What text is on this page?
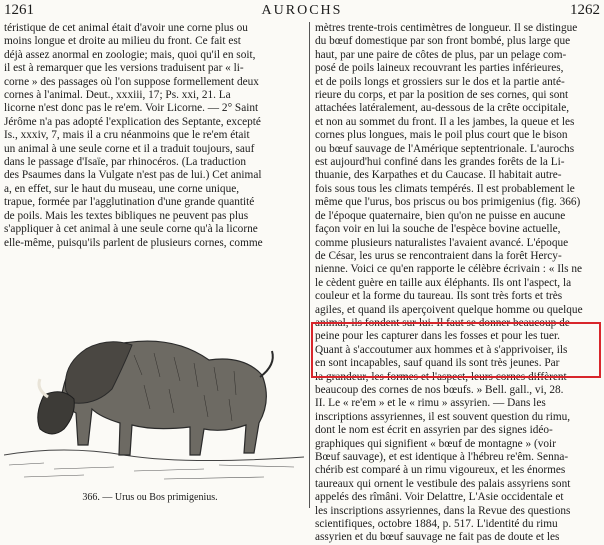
1261	AUROCHS	1262
téristique de cet animal était d'avoir une corne plus ou
moins longue et droite au milieu du front. Ce fait est
déjà assez anormal en zoologie; mais, quoi qu'il en soit,
il est à remarquer que les versions traduisent par « li-
corne » des passages où l'on suppose formellement deux
cornes à l'animal. Deut., xxxiii, 17; Ps. xxi, 21. La
licorne n'est donc pas le re'em. Voir Licorne. — 2° Saint
Jérôme n'a pas adopté l'explication des Septante, excepté
Is., xxxiv, 7, mais il a cru néanmoins que le re'em était
un animal à une seule corne et il a traduit toujours, sauf
dans le passage d'Isaïe, par rhinocéros. (La traduction
des Psaumes dans la Vulgate n'est pas de lui.) Cet animal
a, en effet, sur le haut du museau, une corne unique,
trapue, formée par l'agglutination d'une grande quantité
de poils. Mais les textes bibliques ne peuvent pas plus
s'appliquer à cet animal à une seule corne qu'à la licorne
elle-même, puisqu'ils parlent de plusieurs cornes, comme
366. — Urus ou Bos primigenius.
mètres trente-trois centimètres de longueur. Il se distingue
du bœuf domestique par son front bombé, plus large que
haut, par une paire de côtes de plus, par un pelage com-
posé de poils laineux recouvrant les parties inférieures,
et de poils longs et grossiers sur le dos et la partie anté-
rieure du corps, et par la position de ses cornes, qui sont
attachées latéralement, au-dessous de la crête occipitale,
et non au sommet du front. Il a les jambes, la queue et les
cornes plus longues, mais le poil plus court que le bison
ou bœuf sauvage de l'Amérique septentrionale. L'aurochs
est aujourd'hui confiné dans les grandes forêts de la Li-
thuanie, des Karpathes et du Caucase. Il habitait autre-
fois sous tous les climats tempérés. Il est probablement le
même que l'urus, bos priscus ou bos primigenius (fig. 366)
de l'époque quaternaire, bien qu'on ne puisse en aucune
façon voir en lui la souche de l'espèce bovine actuelle,
comme plusieurs naturalistes l'avaient avancé. L'époque
de César, les urus se rencontraient dans la forêt Hercy-
nienne. Voici ce qu'en rapporte le célèbre écrivain : « Ils ne
le cèdent guère en taille aux éléphants. Ils ont l'aspect, la
couleur et la forme du taureau. Ils sont très forts et très
agiles, et quand ils aperçoivent quelque homme ou quelque
animal, ils fondent sur lui. Il faut se donner beaucoup de
peine pour les capturer dans les fosses et pour les tuer.
Quant à s'accoutumer aux hommes et à s'apprivoiser, ils
en sont incapables, sauf quand ils sont très jeunes. Par
la grandeur, les formes et l'aspect, leurs cornes diffèrent
beaucoup des cornes de nos bœufs. » Bell. gall., vi, 28.
II. Le « re'em » et le « rimu » assyrien. — Dans les
inscriptions assyriennes, il est souvent question du rimu,
dont le nom est écrit en assyrien par des signes idéo-
graphiques qui signifient « bœuf de montagne » (voir
Bœuf sauvage), et est identique à l'hébreu re'êm. Senna-
chérib est comparé à un rimu vigoureux, et les énormes
taureaux qui ornent le vestibule des palais assyriens sont
appelés des rîmâni. Voir Delattre, L'Asie occidentale et
les inscriptions assyriennes, dans la Revue des questions
scientifiques, octobre 1884, p. 517. L'identité du rimu
assyrien et du bœuf sauvage ne fait pas de doute et les
